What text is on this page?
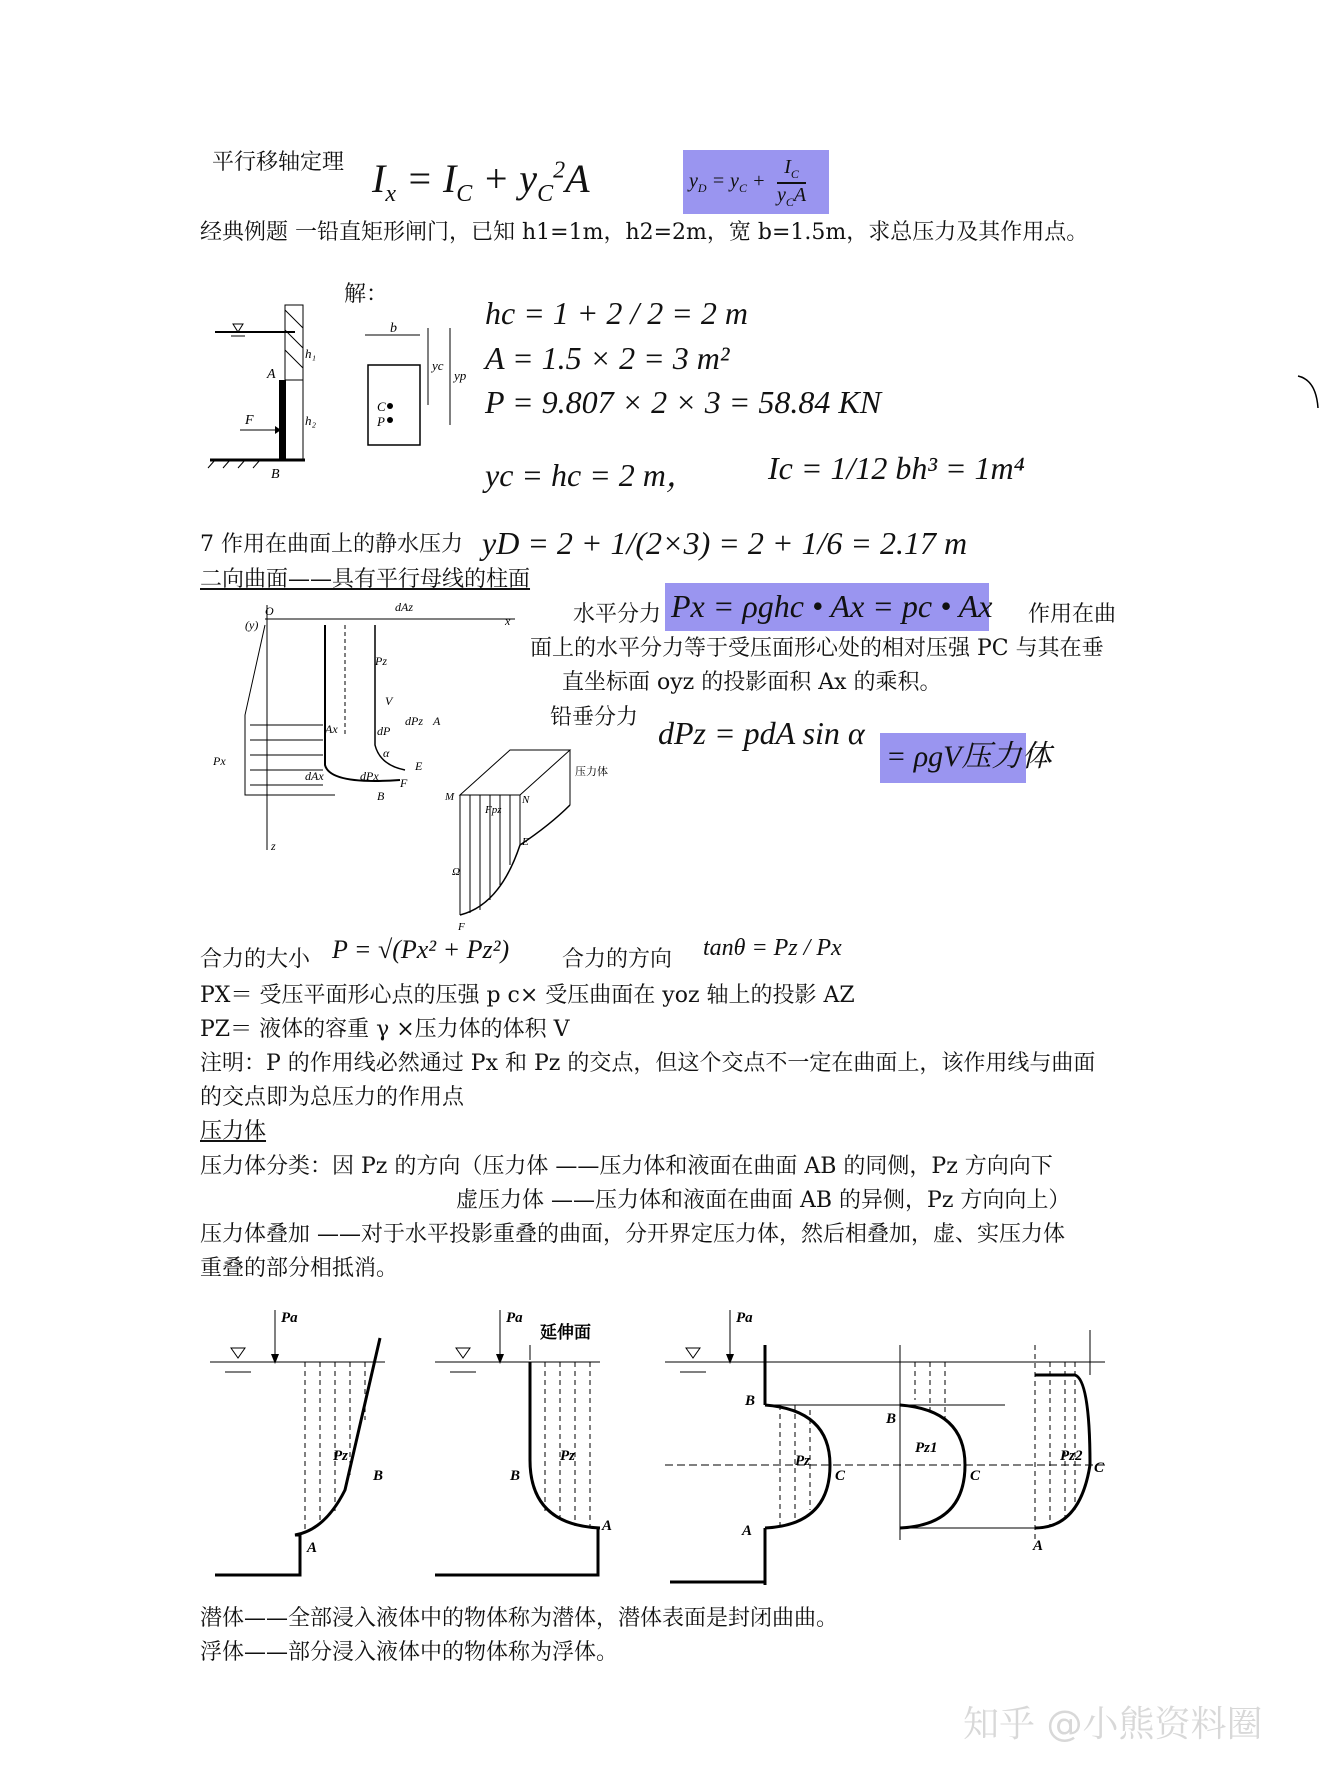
平行移轴定理 $I_x = I_C + y_C^2A$	$y_D = y_C$ +
$I_C$
$y_CA$
经典例题 一铅直矩形闸门，已知 h1=1m，h2=2m，宽 b=1.5m，求总压力及其作用点。
A
B
F
h₁
h₂
解：
b
yc
yp
C
P
hc = 1 + 2 / 2 = 2 m
A = 1.5 × 2 = 3 m²
P = 9.807 × 2 × 3 = 58.84 KN
yc = hc = 2 m， Ic = 1/12 bh³ = 1m⁴
7 作用在曲面上的静水压力 yD = 2 + 1/(2×3) = 2 + 1/6 = 2.17 m
二向曲面——具有平行母线的柱面
O
(y)
dAz
x
Pz
V
dP
dPz
Ax
Px
dAx	dPx
α
E
A
B
F
z
压力体
M	N
Fpz
E
Ω
F
水平分力 Px = ρghc • Ax = pc • Ax 作用在曲
面上的水平分力等于受压面形心处的相对压强 PC 与其在垂
直坐标面 oyz 的投影面积 Ax 的乘积。
铅垂分力 dPz = pdA sin α
= ρgV压力体
合力的大小 P = √(Px² + Pz²) 合力的方向 tanθ = Pz / Px
PX＝ 受压平面形心点的压强 p c× 受压曲面在 yoz 轴上的投影 AZ
PZ＝ 液体的容重 γ ×压力体的体积 V
注明：P 的作用线必然通过 Px 和 Pz 的交点，但这个交点不一定在曲面上，该作用线与曲面
的交点即为总压力的作用点
压力体
压力体分类：因 Pz 的方向（压力体 ——压力体和液面在曲面 AB 的同侧，Pz 方向向下
虚压力体 ——压力体和液面在曲面 AB 的异侧，Pz 方向向上）
压力体叠加 ——对于水平投影重叠的曲面，分开界定压力体，然后相叠加，虚、实压力体
重叠的部分相抵消。
Pa
Pz
B
A
Pa
延伸面
Pz
B
A
Pa
B
Pz
C
A
B
Pz1
C
Pz2
C
A
潜体——全部浸入液体中的物体称为潜体，潜体表面是封闭曲曲。
浮体——部分浸入液体中的物体称为浮体。
知乎 @小熊资料圈
